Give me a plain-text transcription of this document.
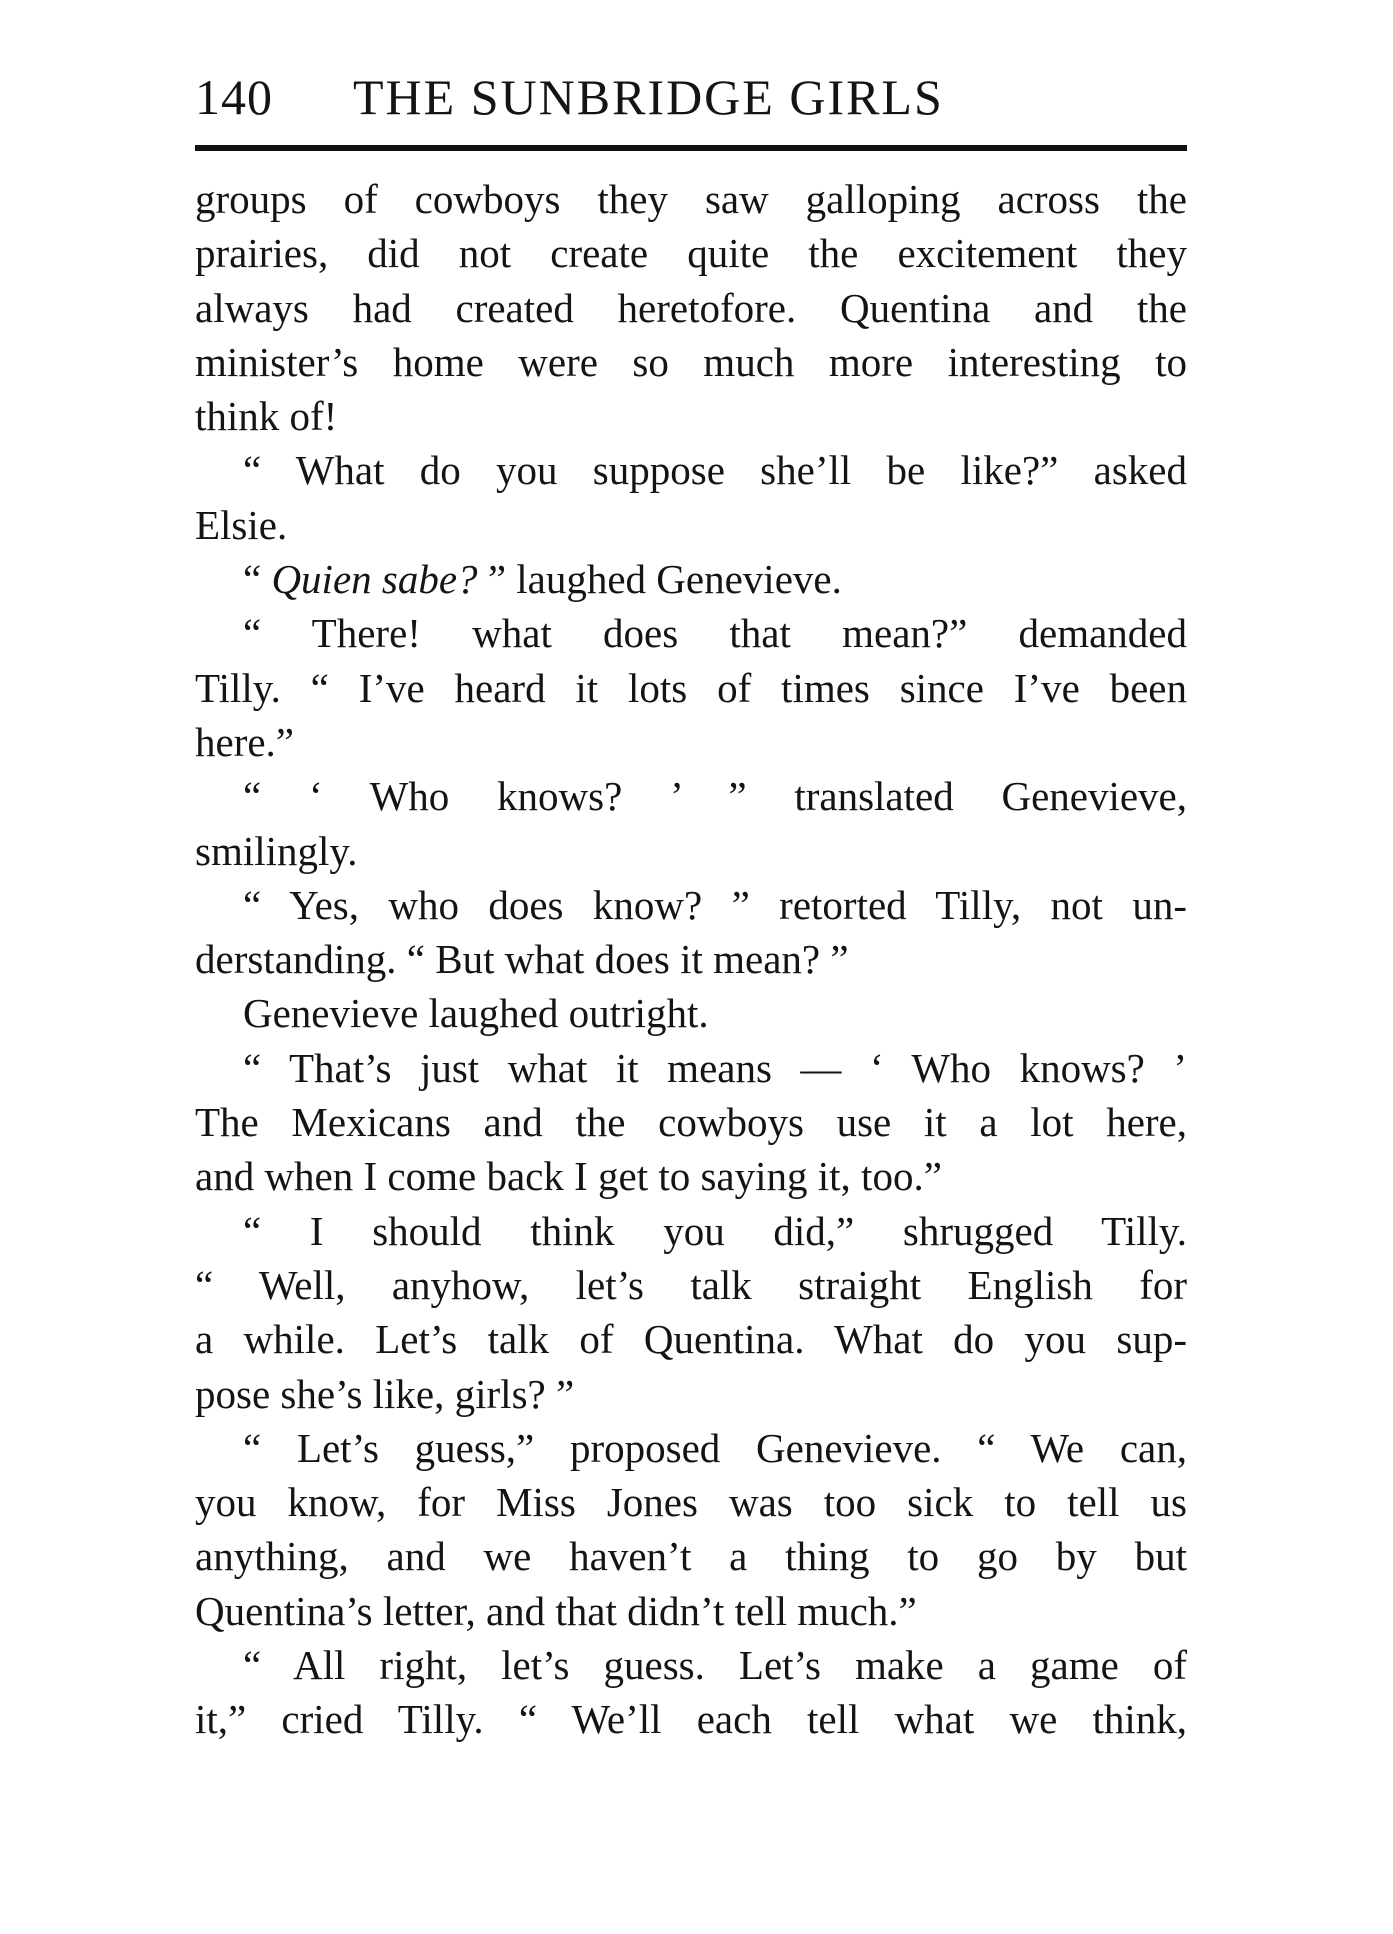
140 THE SUNBRIDGE GIRLS
groups of cowboys they saw galloping across the
prairies, did not create quite the excitement they
always had created heretofore. Quentina and the
minister’s home were so much more interesting to
think of!
“ What do you suppose she’ll be like?” asked
Elsie.
“ Quien sabe? ” laughed Genevieve.
“ There! what does that mean?” demanded
Tilly. “ I’ve heard it lots of times since I’ve been
here.”
“ ‘ Who knows? ’ ” translated Genevieve,
smilingly.
“ Yes, who does know? ” retorted Tilly, not un-
derstanding. “ But what does it mean? ”
Genevieve laughed outright.
“ That’s just what it means — ‘ Who knows? ’
The Mexicans and the cowboys use it a lot here,
and when I come back I get to saying it, too.”
“ I should think you did,” shrugged Tilly.
“ Well, anyhow, let’s talk straight English for
a while. Let’s talk of Quentina. What do you sup-
pose she’s like, girls? ”
“ Let’s guess,” proposed Genevieve. “ We can,
you know, for Miss Jones was too sick to tell us
anything, and we haven’t a thing to go by but
Quentina’s letter, and that didn’t tell much.”
“ All right, let’s guess. Let’s make a game of
it,” cried Tilly. “ We’ll each tell what we think,
